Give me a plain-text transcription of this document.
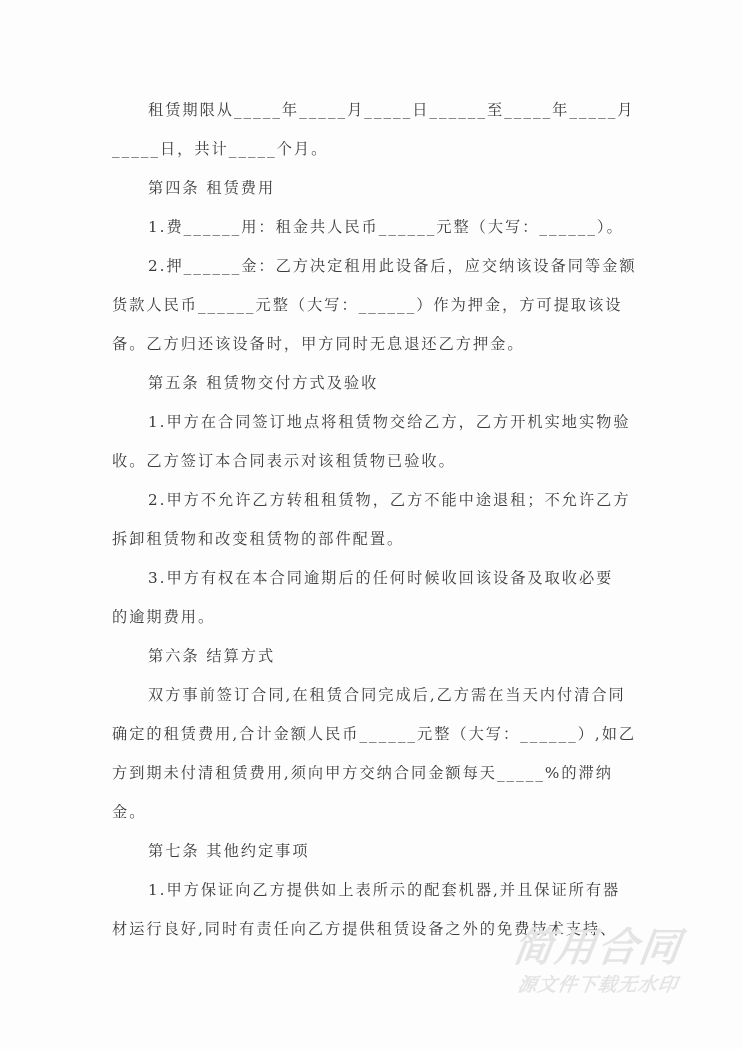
租赁期限从_____年_____月_____日______至_____年_____月
_____日，共计_____个月。
第四条 租赁费用
1.费______用：租金共人民币______元整（大写：______）。
2.押______金：乙方决定租用此设备后，应交纳该设备同等金额
货款人民币______元整（大写：______）作为押金，方可提取该设
备。乙方归还该设备时，甲方同时无息退还乙方押金。
第五条 租赁物交付方式及验收
1.甲方在合同签订地点将租赁物交给乙方，乙方开机实地实物验
收。乙方签订本合同表示对该租赁物已验收。
2.甲方不允许乙方转租租赁物，乙方不能中途退租；不允许乙方
拆卸租赁物和改变租赁物的部件配置。
3.甲方有权在本合同逾期后的任何时候收回该设备及取收必要
的逾期费用。
第六条 结算方式
双方事前签订合同,在租赁合同完成后,乙方需在当天内付清合同
确定的租赁费用,合计金额人民币______元整（大写：______）,如乙
方到期未付清租赁费用,须向甲方交纳合同金额每天_____%的滞纳
金。
第七条 其他约定事项
1.甲方保证向乙方提供如上表所示的配套机器,并且保证所有器
材运行良好,同时有责任向乙方提供租赁设备之外的免费技术支持、
简用合同
源文件下载无水印
